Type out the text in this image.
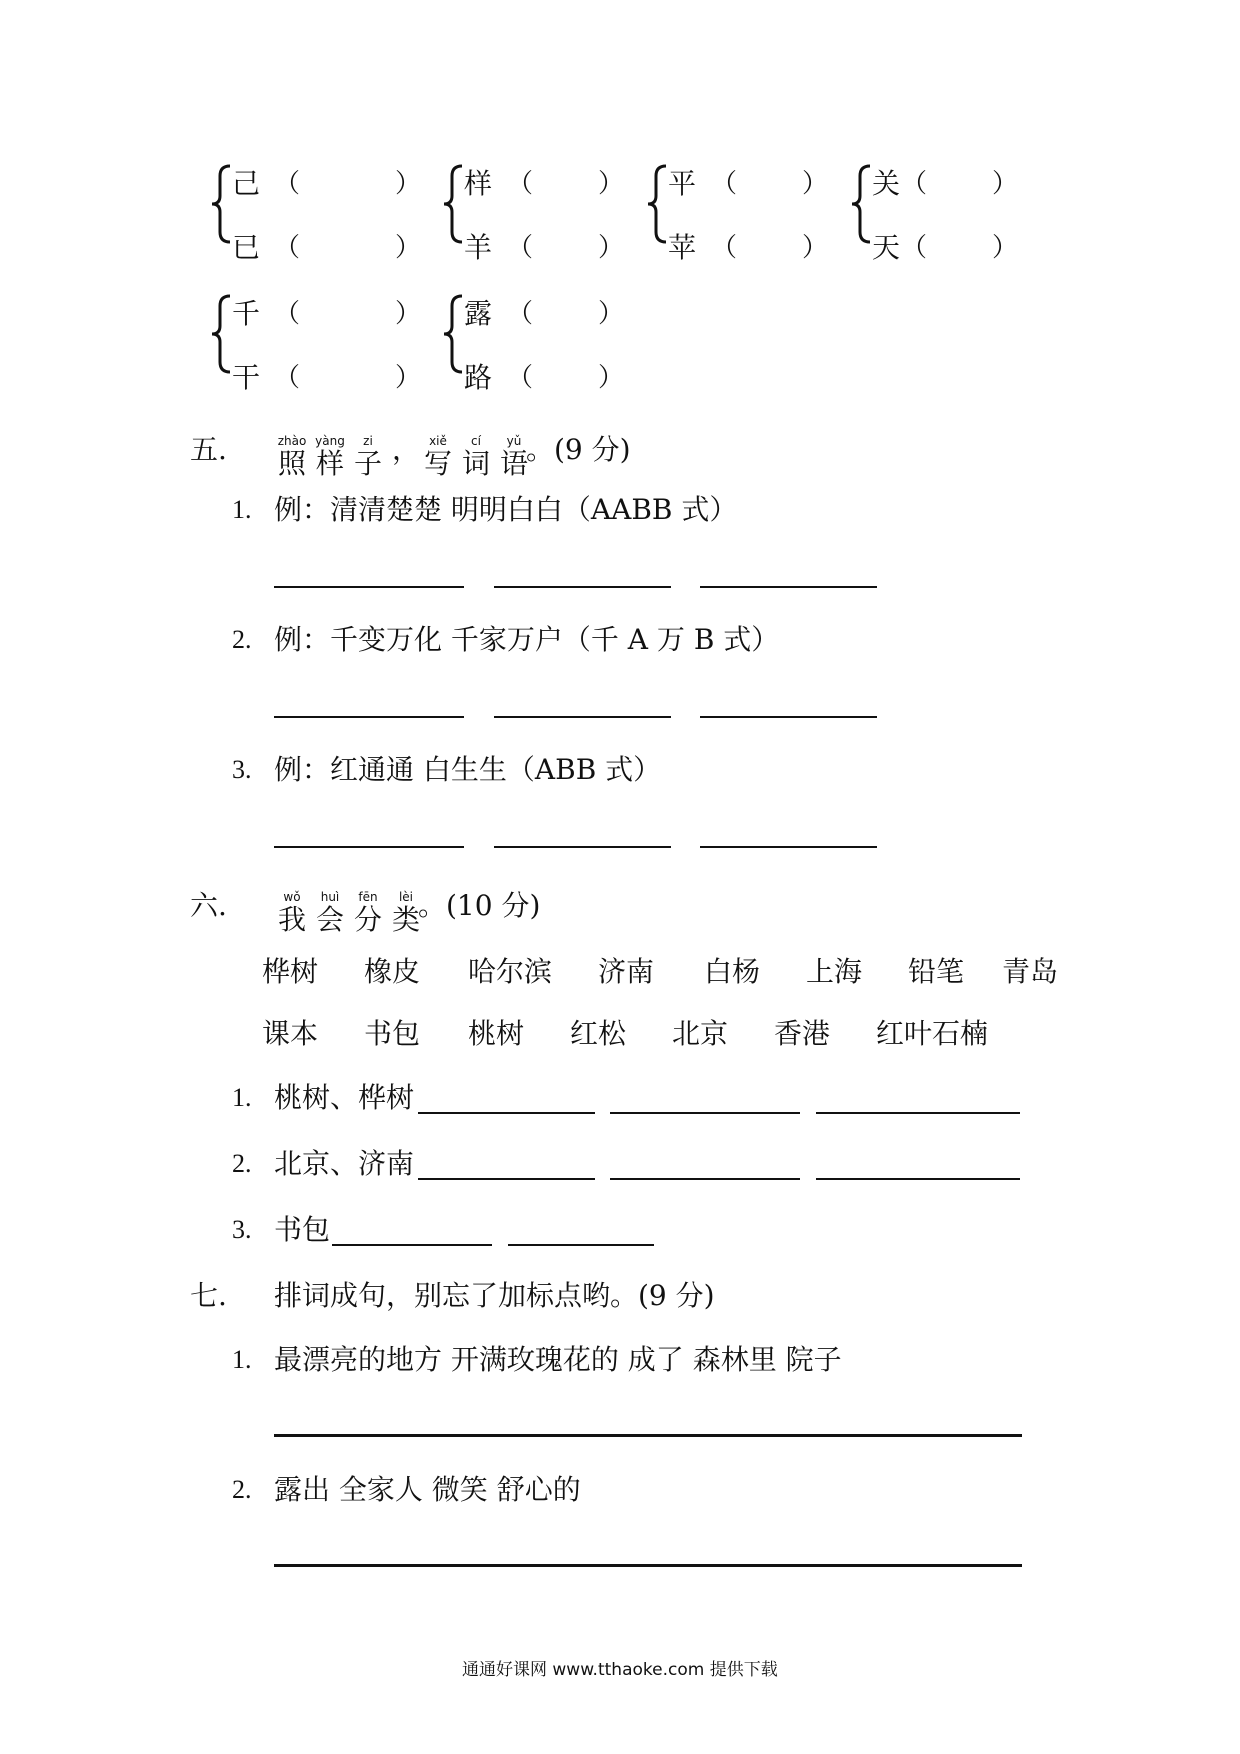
己 （	）
已 （	）
样 （ ）
羊 （ ）
平 （ ）
苹 （ ）
关 （ ）
天 （ ）
千 （	）
干 （	）
露 （ ）
路 （ ）
五.	zhào
照
yàng
样
zi
子 ， xiě
写
cí
词
yǔ
语
。(9 分)
1. 例：清清楚楚 明明白白（AABB 式）
2. 例：千变万化 千家万户（千 A 万 B 式）
3. 例：红通通 白生生（ABB 式）
六.	wǒ
我
huì
会
fēn
分
lèi
类
。(10 分)
桦树 橡皮 哈尔滨 济南 白杨 上海 铅笔 青岛
课本 书包 桃树 红松 北京 香港 红叶石楠
1. 桃树、桦树
2. 北京、济南
3. 书包
七. 排词成句，别忘了加标点哟。(9 分)
1. 最漂亮的地方 开满玫瑰花的 成了 森林里 院子
2. 露出 全家人 微笑 舒心的
通通好课网 www.tthaoke.com 提供下载
